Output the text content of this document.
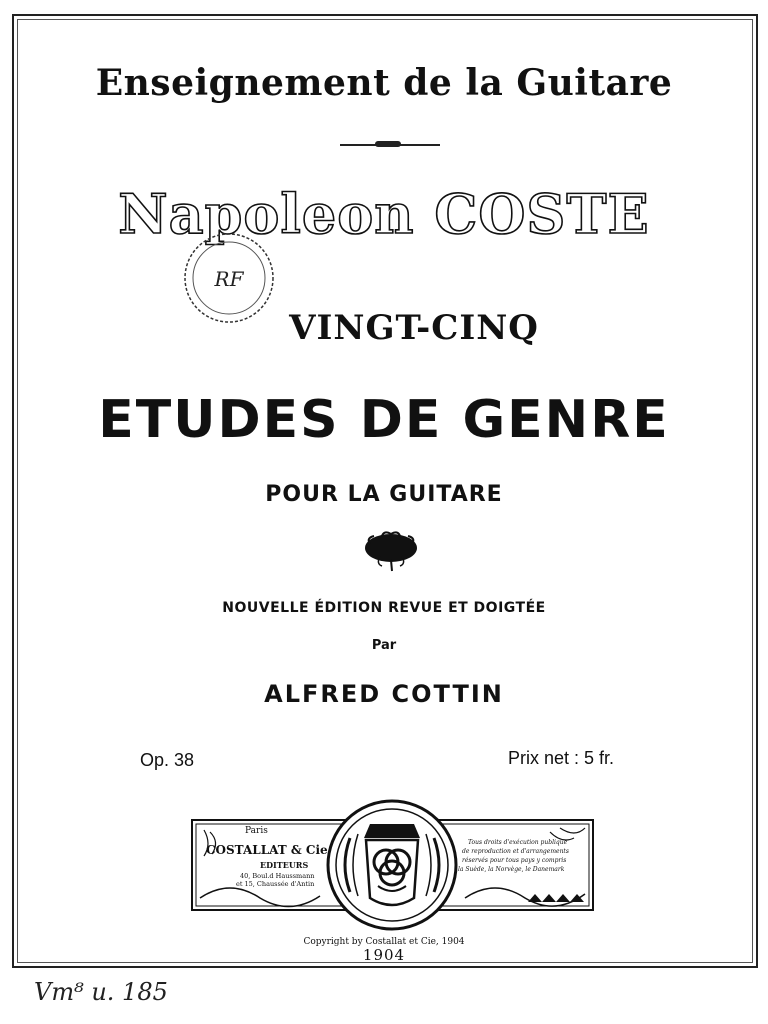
Enseignement de la Guitare
Napoleon COSTE
RF
VINGT-CINQ
ETUDES DE GENRE
POUR LA GUITARE
NOUVELLE ÉDITION REVUE ET DOIGTÉE
Par
ALFRED COTTIN
Op. 38	Prix net : 5 fr.
Paris
COSTALLAT & Cie
EDITEURS
40, Boul.d Haussmann
et 15, Chaussée d'Antin
Tous droits d'exécution publique
de reproduction et d'arrangements
réservés pour tous pays y compris
la Suède, la Norvège, le Danemark
Copyright by Costallat et Cie, 1904
1904
Vm⁸ u. 185
